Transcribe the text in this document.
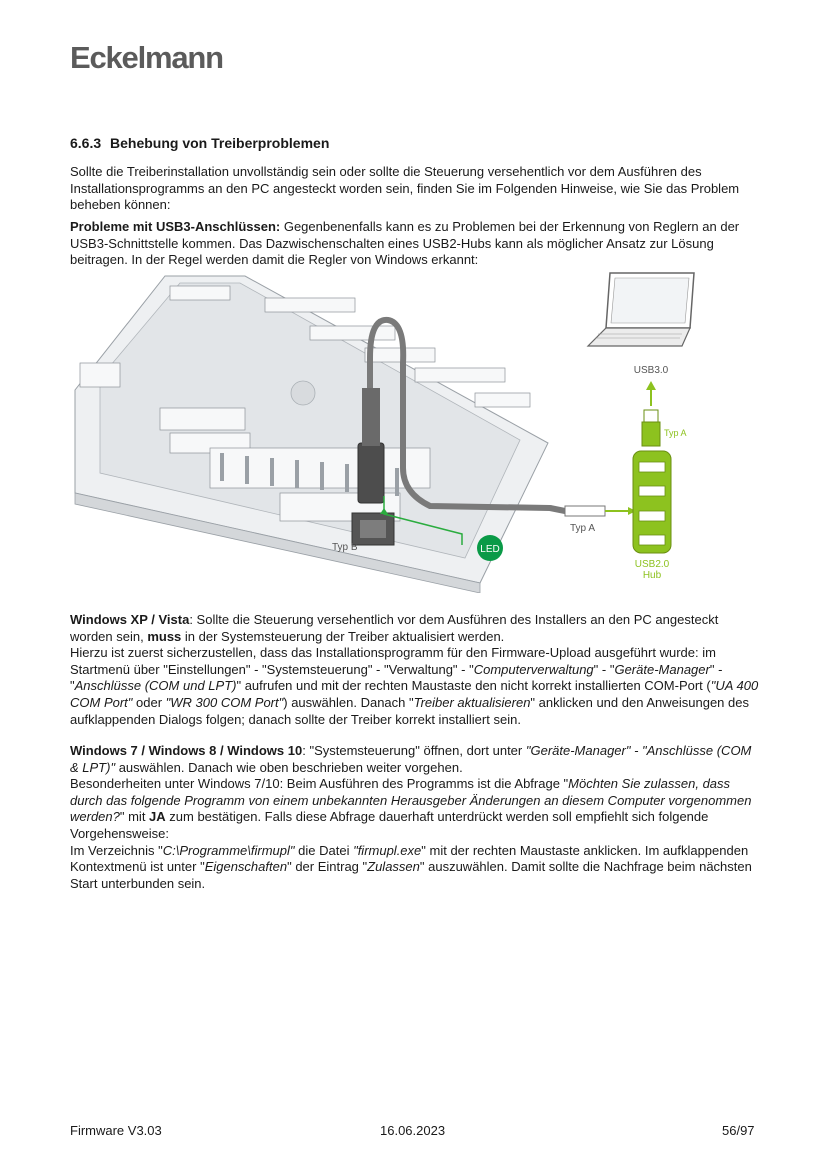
Eckelmann
6.6.3 Behebung von Treiberproblemen

Sollte die Treiberinstallation unvollständig sein oder sollte die Steuerung versehentlich vor dem Ausführen des Installationsprogramms an den PC angesteckt worden sein, finden Sie im Folgenden Hinweise, wie Sie das Problem beheben können:

Probleme mit USB3-Anschlüssen: Gegenbenenfalls kann es zu Problemen bei der Erkennung von Reglern an der USB3-Schnittstelle kommen. Das Dazwischenschalten eines USB2-Hubs kann als möglicher Ansatz zur Lösung beitragen. In der Regel werden damit die Regler von Windows erkannt:

LED
Typ B
Typ A
USB3.0
Typ A
USB2.0
Hub

Windows XP / Vista: Sollte die Steuerung versehentlich vor dem Ausführen des Installers an den PC angesteckt worden sein, muss in der Systemsteuerung der Treiber aktualisiert werden.

Hierzu ist zuerst sicherzustellen, dass das Installationsprogramm für den Firmware-Upload ausgeführt wurde: im Startmenü über "Einstellungen" - "Systemsteuerung" - "Verwaltung" - "Computerverwaltung" - "Geräte-Manager" - "Anschlüsse (COM und LPT)" aufrufen und mit der rechten Maustaste den nicht korrekt installierten COM-Port ("UA 400 COM Port" oder "WR 300 COM Port") auswählen. Danach "Treiber aktualisieren" anklicken und den Anweisungen des aufklappenden Dialogs folgen; danach sollte der Treiber korrekt installiert sein.

Windows 7 / Windows 8 / Windows 10: "Systemsteuerung" öffnen, dort unter "Geräte-Manager" - "Anschlüsse (COM & LPT)" auswählen. Danach wie oben beschrieben weiter vorgehen.

Besonderheiten unter Windows 7/10: Beim Ausführen des Programms ist die Abfrage "Möchten Sie zulassen, dass durch das folgende Programm von einem unbekannten Herausgeber Änderungen an diesem Computer vorgenommen werden?" mit JA zum bestätigen. Falls diese Abfrage dauerhaft unterdrückt werden soll empfiehlt sich folgende Vorgehensweise:

Im Verzeichnis "C:\Programme\firmupl" die Datei "firmupl.exe" mit der rechten Maustaste anklicken. Im aufklappenden Kontextmenü ist unter "Eigenschaften" der Eintrag "Zulassen" auszuwählen. Damit sollte die Nachfrage beim nächsten Start unterbunden sein.

Firmware V3.03	16.06.2023	56/97
